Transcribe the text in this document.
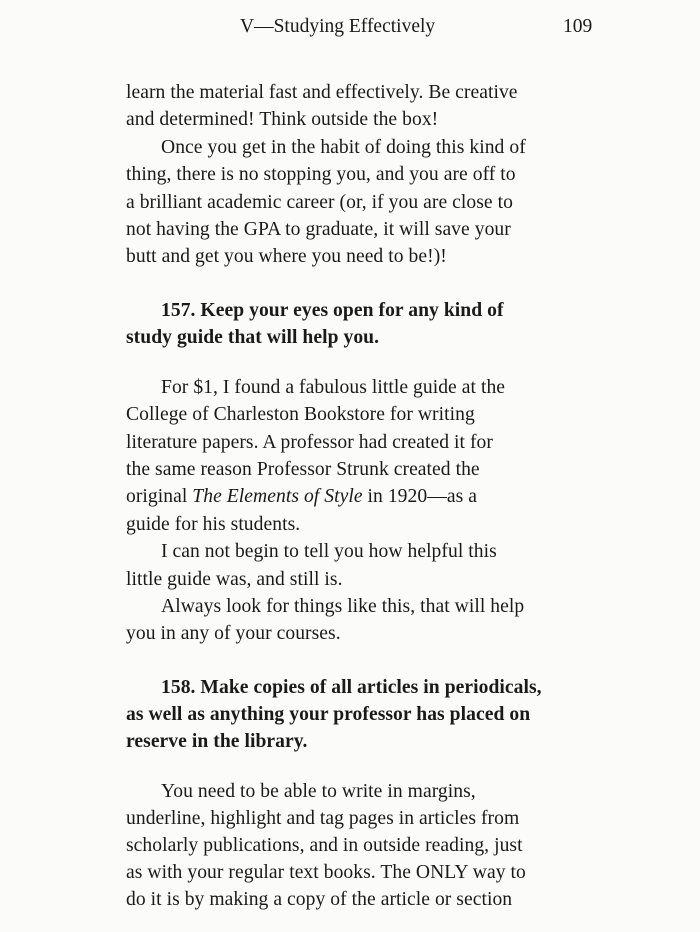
V—Studying Effectively	109
learn the material fast and effectively. Be creative
and determined! Think outside the box!
Once you get in the habit of doing this kind of
thing, there is no stopping you, and you are off to
a brilliant academic career (or, if you are close to
not having the GPA to graduate, it will save your
butt and get you where you need to be!)!
157. Keep your eyes open for any kind of
study guide that will help you.
For $1, I found a fabulous little guide at the
College of Charleston Bookstore for writing
literature papers. A professor had created it for
the same reason Professor Strunk created the
original The Elements of Style in 1920—as a
guide for his students.
I can not begin to tell you how helpful this
little guide was, and still is.
Always look for things like this, that will help
you in any of your courses.
158. Make copies of all articles in periodicals,
as well as anything your professor has placed on
reserve in the library.
You need to be able to write in margins,
underline, highlight and tag pages in articles from
scholarly publications, and in outside reading, just
as with your regular text books. The ONLY way to
do it is by making a copy of the article or section
